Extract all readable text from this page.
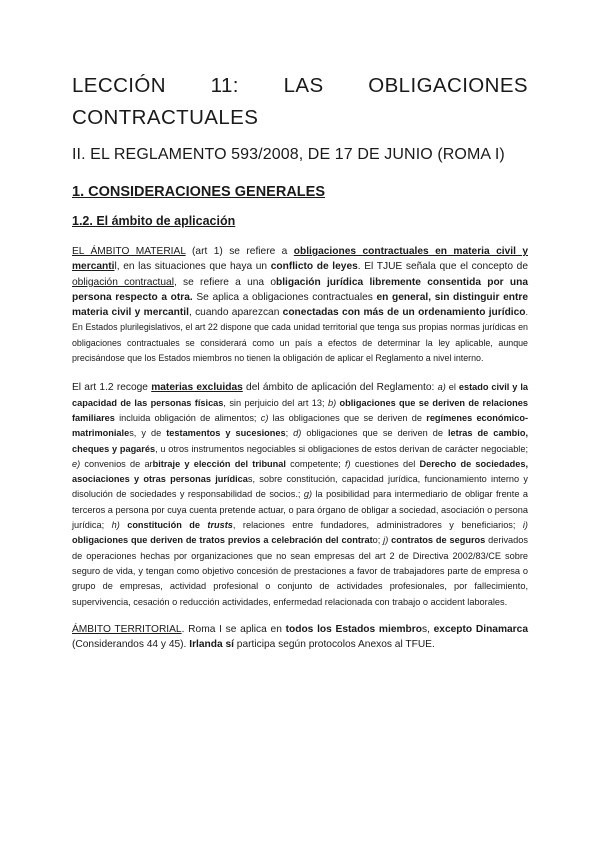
LECCIÓN 11: LAS OBLIGACIONES CONTRACTUALES
II. EL REGLAMENTO 593/2008, DE 17 DE JUNIO (ROMA I)
1. CONSIDERACIONES GENERALES
1.2. El ámbito de aplicación

EL ÁMBITO MATERIAL (art 1) se refiere a obligaciones contractuales en materia civil y mercantil, en las situaciones que haya un conflicto de leyes. El TJUE señala que el concepto de obligación contractual, se refiere a una obligación jurídica libremente consentida por una persona respecto a otra. Se aplica a obligaciones contractuales en general, sin distinguir entre materia civil y mercantil, cuando aparezcan conectadas con más de un ordenamiento jurídico. En Estados plurilegislativos, el art 22 dispone que cada unidad territorial que tenga sus propias normas jurídicas en obligaciones contractuales se considerará como un país a efectos de determinar la ley aplicable, aunque precisándose que los Estados miembros no tienen la obligación de aplicar el Reglamento a nivel interno.

El art 1.2 recoge materias excluidas del ámbito de aplicación del Reglamento: a) el estado civil y la capacidad de las personas físicas, sin perjuicio del art 13; b) obligaciones que se deriven de relaciones familiares incluida obligación de alimentos; c) las obligaciones que se deriven de regímenes económico-matrimoniales, y de testamentos y sucesiones; d) obligaciones que se deriven de letras de cambio, cheques y pagarés, u otros instrumentos negociables si obligaciones de estos derivan de carácter negociable; e) convenios de arbitraje y elección del tribunal competente; f) cuestiones del Derecho de sociedades, asociaciones y otras personas jurídicas, sobre constitución, capacidad jurídica, funcionamiento interno y disolución de sociedades y responsabilidad de socios.; g) la posibilidad para intermediario de obligar frente a terceros a persona por cuya cuenta pretende actuar, o para órgano de obligar a sociedad, asociación o persona jurídica; h) constitución de trusts, relaciones entre fundadores, administradores y beneficiarios; i) obligaciones que deriven de tratos previos a celebración del contrato; j) contratos de seguros derivados de operaciones hechas por organizaciones que no sean empresas del art 2 de Directiva 2002/83/CE sobre seguro de vida, y tengan como objetivo concesión de prestaciones a favor de trabajadores parte de empresa o grupo de empresas, actividad profesional o conjunto de actividades profesionales, por fallecimiento, supervivencia, cesación o reducción actividades, enfermedad relacionada con trabajo o accident laborales.

ÁMBITO TERRITORIAL. Roma I se aplica en todos los Estados miembros, excepto Dinamarca (Considerandos 44 y 45). Irlanda sí participa según protocolos Anexos al TFUE.
